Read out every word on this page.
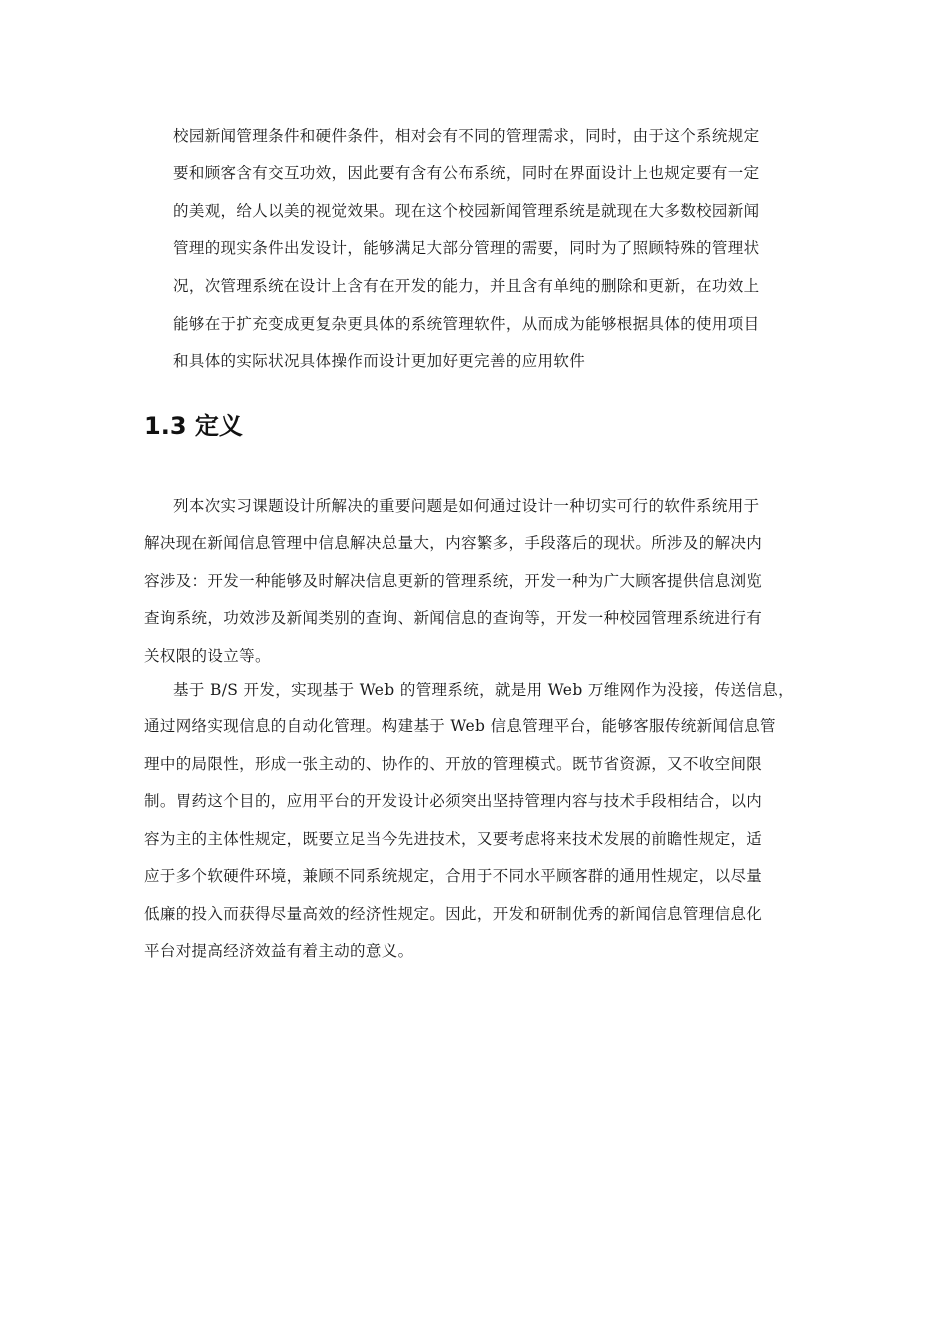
校园新闻管理条件和硬件条件，相对会有不同的管理需求，同时，由于这个系统规定
要和顾客含有交互功效，因此要有含有公布系统，同时在界面设计上也规定要有一定
的美观，给人以美的视觉效果。现在这个校园新闻管理系统是就现在大多数校园新闻
管理的现实条件出发设计，能够满足大部分管理的需要，同时为了照顾特殊的管理状
况，次管理系统在设计上含有在开发的能力，并且含有单纯的删除和更新，在功效上
能够在于扩充变成更复杂更具体的系统管理软件，从而成为能够根据具体的使用项目
和具体的实际状况具体操作而设计更加好更完善的应用软件
1.3 定义
列本次实习课题设计所解决的重要问题是如何通过设计一种切实可行的软件系统用于
解决现在新闻信息管理中信息解决总量大，内容繁多，手段落后的现状。所涉及的解决内
容涉及：开发一种能够及时解决信息更新的管理系统，开发一种为广大顾客提供信息浏览
查询系统，功效涉及新闻类别的查询、新闻信息的查询等，开发一种校园管理系统进行有
关权限的设立等。
基于 B/S 开发，实现基于 Web 的管理系统，就是用 Web 万维网作为没接，传送信息，
通过网络实现信息的自动化管理。构建基于 Web 信息管理平台，能够客服传统新闻信息管
理中的局限性，形成一张主动的、协作的、开放的管理模式。既节省资源，又不收空间限
制。胃药这个目的，应用平台的开发设计必须突出坚持管理内容与技术手段相结合，以内
容为主的主体性规定，既要立足当今先进技术，又要考虑将来技术发展的前瞻性规定，适
应于多个软硬件环境，兼顾不同系统规定，合用于不同水平顾客群的通用性规定，以尽量
低廉的投入而获得尽量高效的经济性规定。因此，开发和研制优秀的新闻信息管理信息化
平台对提高经济效益有着主动的意义。
